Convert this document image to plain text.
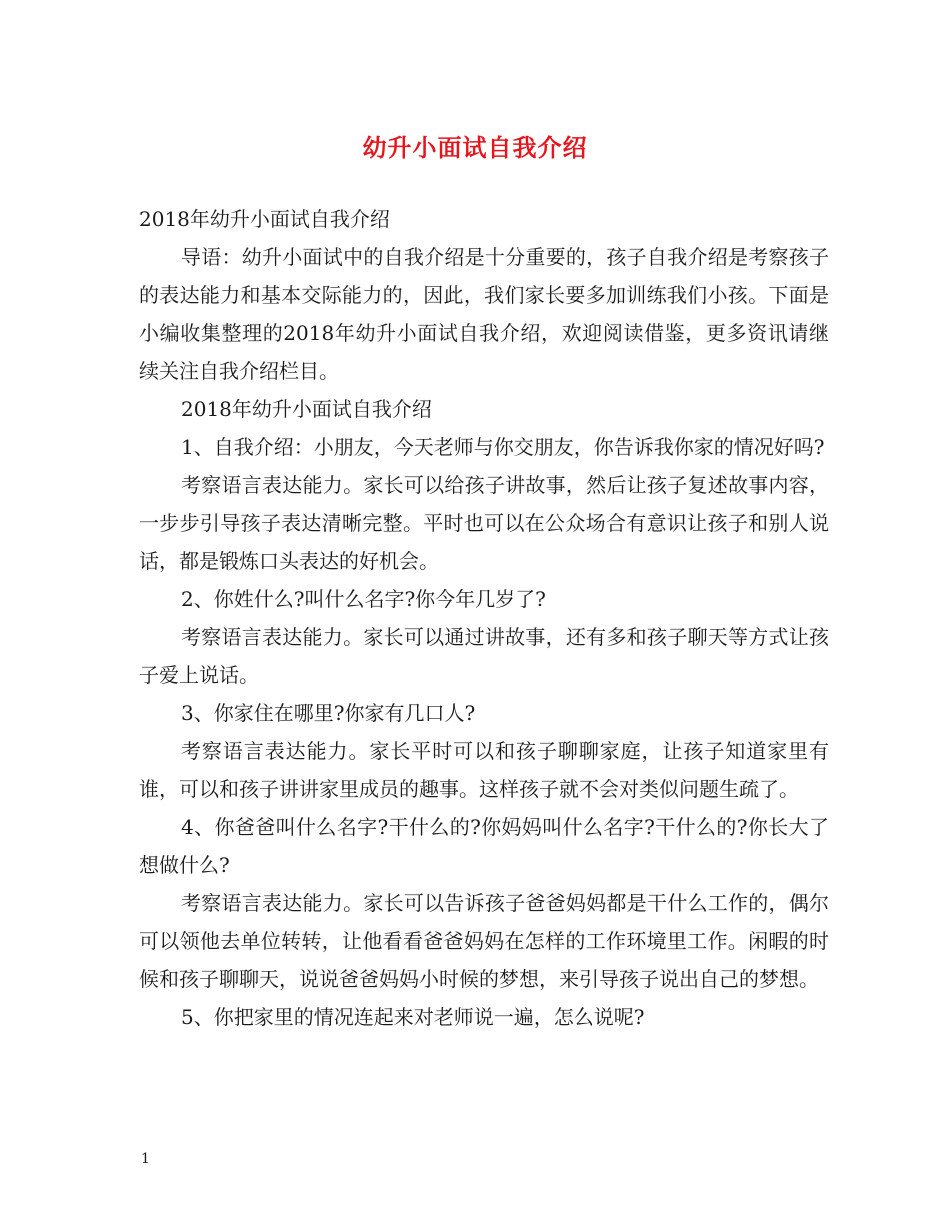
幼升小面试自我介绍

2018年幼升小面试自我介绍

导语：幼升小面试中的自我介绍是十分重要的，孩子自我介绍是考察孩子的表达能力和基本交际能力的，因此，我们家长要多加训练我们小孩。下面是小编收集整理的2018年幼升小面试自我介绍，欢迎阅读借鉴，更多资讯请继续关注自我介绍栏目。

2018年幼升小面试自我介绍

1、自我介绍：小朋友，今天老师与你交朋友，你告诉我你家的情况好吗?

考察语言表达能力。家长可以给孩子讲故事，然后让孩子复述故事内容，一步步引导孩子表达清晰完整。平时也可以在公众场合有意识让孩子和别人说话，都是锻炼口头表达的好机会。

2、你姓什么?叫什么名字?你今年几岁了?

考察语言表达能力。家长可以通过讲故事，还有多和孩子聊天等方式让孩子爱上说话。

3、你家住在哪里?你家有几口人?

考察语言表达能力。家长平时可以和孩子聊聊家庭，让孩子知道家里有谁，可以和孩子讲讲家里成员的趣事。这样孩子就不会对类似问题生疏了。

4、你爸爸叫什么名字?干什么的?你妈妈叫什么名字?干什么的?你长大了想做什么?

考察语言表达能力。家长可以告诉孩子爸爸妈妈都是干什么工作的，偶尔可以领他去单位转转，让他看看爸爸妈妈在怎样的工作环境里工作。闲暇的时候和孩子聊聊天，说说爸爸妈妈小时候的梦想，来引导孩子说出自己的梦想。

5、你把家里的情况连起来对老师说一遍，怎么说呢?

1
